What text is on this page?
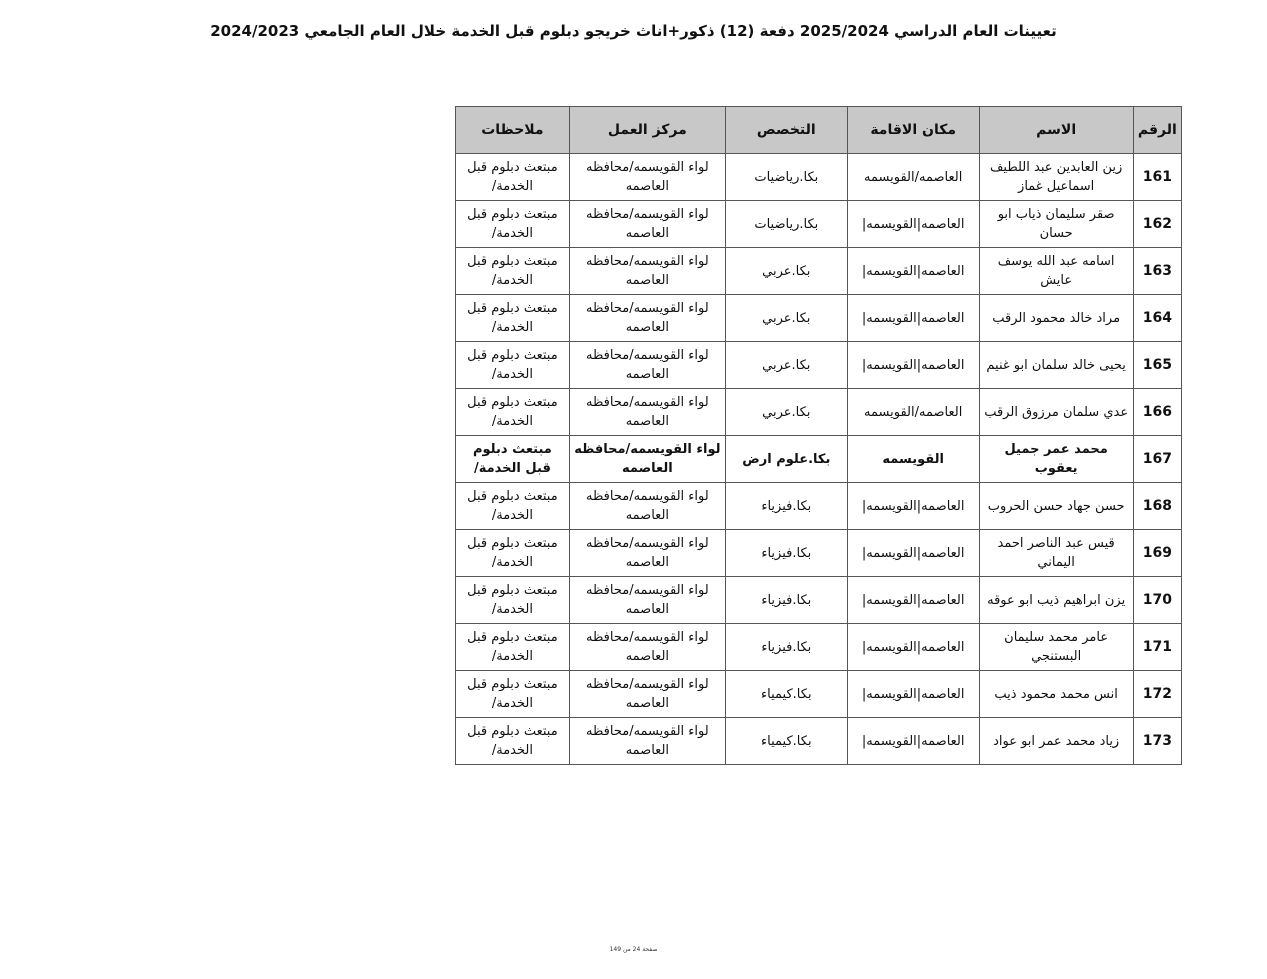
تعيينات العام الدراسي 2025/2024 دفعة (12) ذكور+اناث خريجو دبلوم قبل الخدمة خلال العام الجامعي 2024/2023
الرقم	الاسم	مكان الاقامة	التخصص	مركز العمل	ملاحظات
161	زين العابدين عبد اللطيف اسماعيل غماز	العاصمه/القويسمه	بكا.رياضيات	لواء القويسمه/محافظه العاصمه	مبتعث دبلوم قبل الخدمة/
162	صقر سليمان ذياب ابو حسان	العاصمه|القويسمه|	بكا.رياضيات	لواء القويسمه/محافظه العاصمه	مبتعث دبلوم قبل الخدمة/
163	اسامه عبد الله يوسف عايش	العاصمه|القويسمه|	بكا.عربي	لواء القويسمه/محافظه العاصمه	مبتعث دبلوم قبل الخدمة/
164	مراد خالد محمود الرقب	العاصمه|القويسمه|	بكا.عربي	لواء القويسمه/محافظه العاصمه	مبتعث دبلوم قبل الخدمة/
165	يحيى خالد سلمان ابو غنيم	العاصمه|القويسمه|	بكا.عربي	لواء القويسمه/محافظه العاصمه	مبتعث دبلوم قبل الخدمة/
166	عدي سلمان مرزوق الرقب	العاصمه/القويسمه	بكا.عربي	لواء القويسمه/محافظه العاصمه	مبتعث دبلوم قبل الخدمة/
167	محمد عمر جميل يعقوب	القويسمه	بكا.علوم ارض	لواء القويسمه/محافظه العاصمه	مبتعث دبلوم قبل الخدمة/
168	حسن جهاد حسن الحروب	العاصمه|القويسمه|	بكا.فيزياء	لواء القويسمه/محافظه العاصمه	مبتعث دبلوم قبل الخدمة/
169	قيس عبد الناصر احمد اليماني	العاصمه|القويسمه|	بكا.فيزياء	لواء القويسمه/محافظه العاصمه	مبتعث دبلوم قبل الخدمة/
170	يزن ابراهيم ذيب ابو عوقه	العاصمه|القويسمه|	بكا.فيزياء	لواء القويسمه/محافظه العاصمه	مبتعث دبلوم قبل الخدمة/
171	عامر محمد سليمان البستنجي	العاصمه|القويسمه|	بكا.فيزياء	لواء القويسمه/محافظه العاصمه	مبتعث دبلوم قبل الخدمة/
172	انس محمد محمود ذيب	العاصمه|القويسمه|	بكا.كيمياء	لواء القويسمه/محافظه العاصمه	مبتعث دبلوم قبل الخدمة/
173	زياد محمد عمر ابو عواد	العاصمه|القويسمه|	بكا.كيمياء	لواء القويسمه/محافظه العاصمه	مبتعث دبلوم قبل الخدمة/
صفحة 24 من 149
